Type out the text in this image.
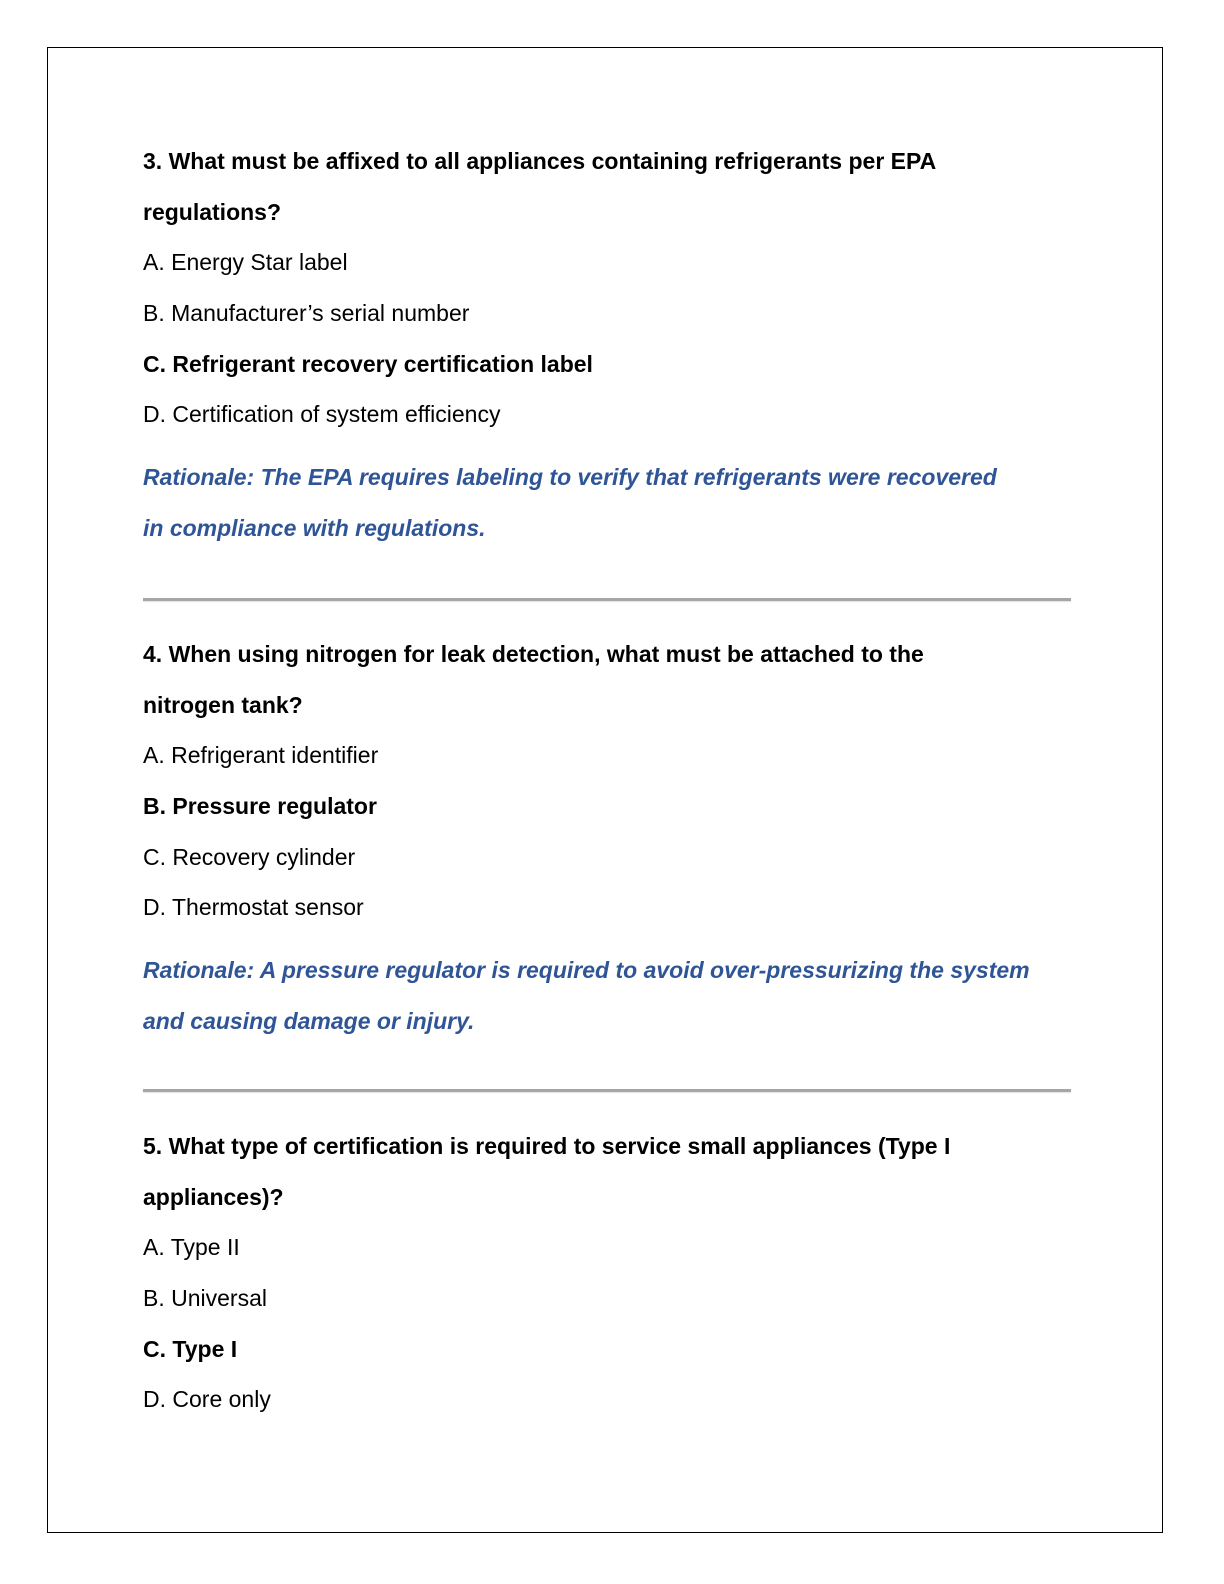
3. What must be affixed to all appliances containing refrigerants per EPA
regulations?
A. Energy Star label
B. Manufacturer’s serial number
C. Refrigerant recovery certification label
D. Certification of system efficiency
Rationale: The EPA requires labeling to verify that refrigerants were recovered
in compliance with regulations.
4. When using nitrogen for leak detection, what must be attached to the
nitrogen tank?
A. Refrigerant identifier
B. Pressure regulator
C. Recovery cylinder
D. Thermostat sensor
Rationale: A pressure regulator is required to avoid over-pressurizing the system
and causing damage or injury.
5. What type of certification is required to service small appliances (Type I
appliances)?
A. Type II
B. Universal
C. Type I
D. Core only
